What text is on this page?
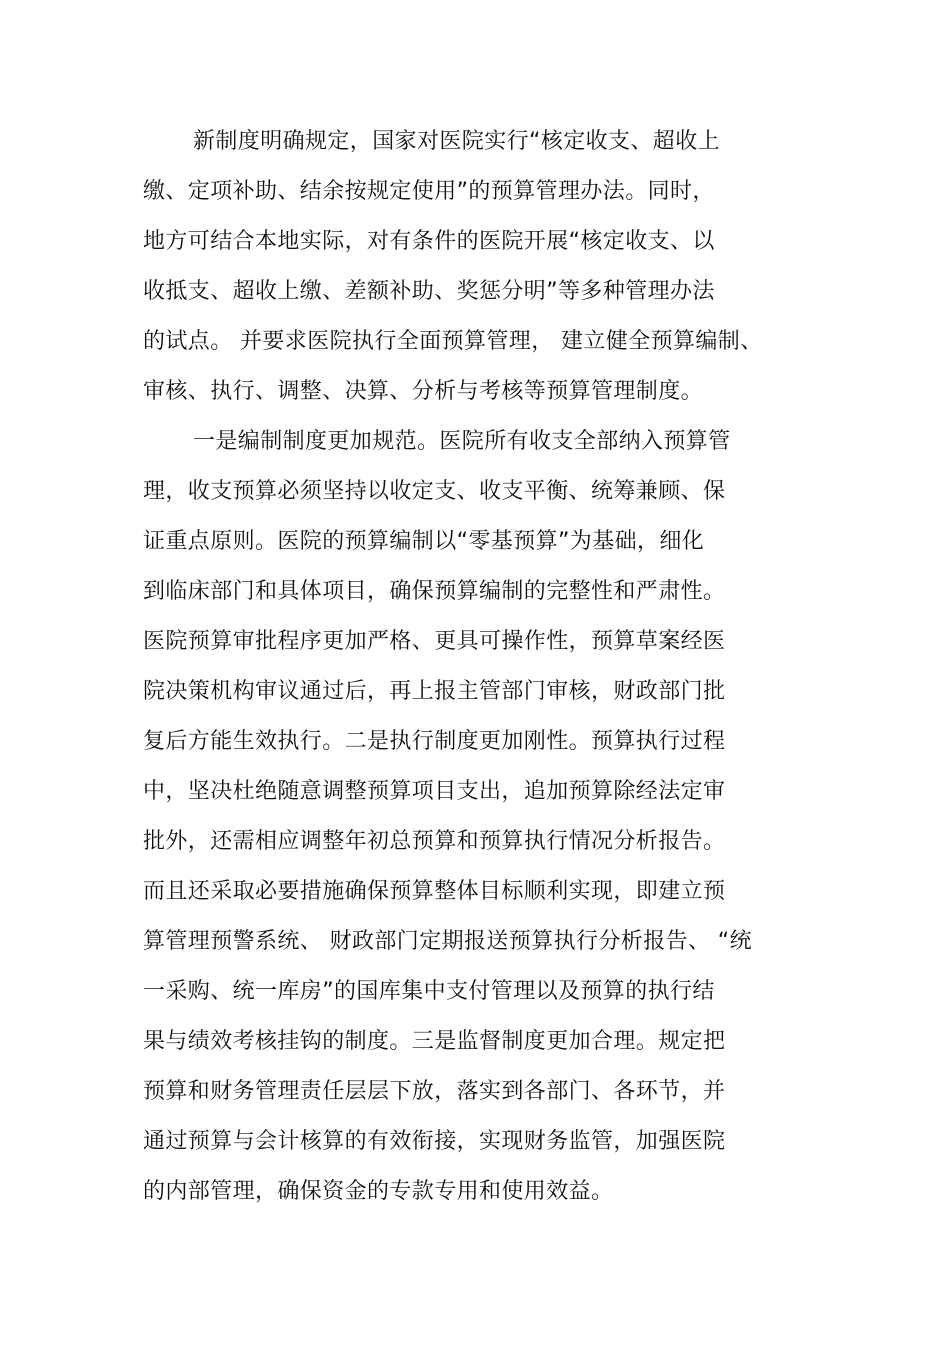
新制度明确规定，国家对医院实行“核定收支、超收上
缴、定项补助、结余按规定使用”的预算管理办法。同时，
地方可结合本地实际，对有条件的医院开展“核定收支、以
收抵支、超收上缴、差额补助、奖惩分明”等多种管理办法
的试点。 并要求医院执行全面预算管理， 建立健全预算编制、
审核、执行、调整、决算、分析与考核等预算管理制度。
一是编制制度更加规范。医院所有收支全部纳入预算管
理，收支预算必须坚持以收定支、收支平衡、统筹兼顾、保
证重点原则。医院的预算编制以“零基预算”为基础，细化
到临床部门和具体项目，确保预算编制的完整性和严肃性。
医院预算审批程序更加严格、更具可操作性，预算草案经医
院决策机构审议通过后，再上报主管部门审核，财政部门批
复后方能生效执行。二是执行制度更加刚性。预算执行过程
中，坚决杜绝随意调整预算项目支出，追加预算除经法定审
批外，还需相应调整年初总预算和预算执行情况分析报告。
而且还采取必要措施确保预算整体目标顺利实现，即建立预
算管理预警系统、 财政部门定期报送预算执行分析报告、 “统
一采购、统一库房”的国库集中支付管理以及预算的执行结
果与绩效考核挂钩的制度。三是监督制度更加合理。规定把
预算和财务管理责任层层下放，落实到各部门、各环节，并
通过预算与会计核算的有效衔接，实现财务监管，加强医院
的内部管理，确保资金的专款专用和使用效益。
